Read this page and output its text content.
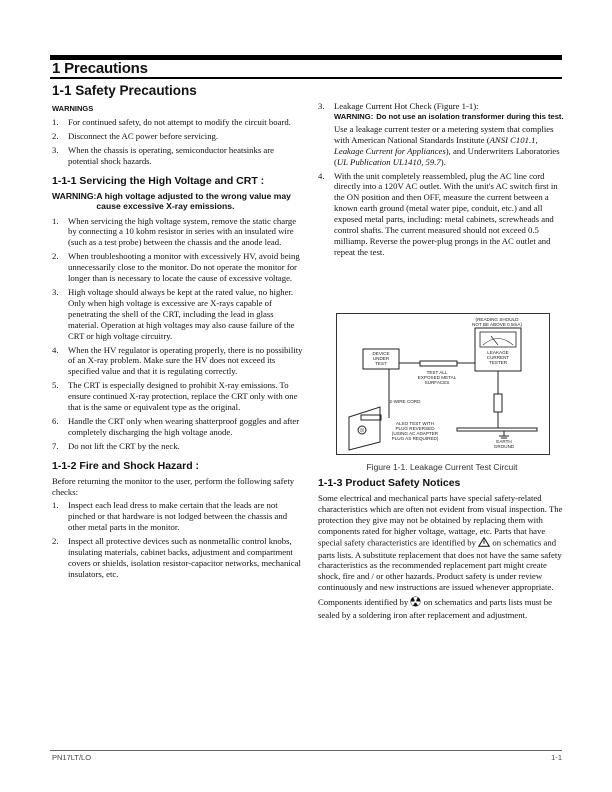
1 Precautions
1-1 Safety Precautions
WARNINGS
1.	For continued safety, do not attempt to modify the circuit board.
2.	Disconnect the AC power before servicing.
3.	When the chassis is operating, semiconductor heatsinks are potential shock hazards.
1-1-1 Servicing the High Voltage and CRT :
WARNING: A high voltage adjusted to the wrong value may cause excessive X-ray emissions.
1.	When servicing the high voltage system, remove the static charge by connecting a 10 kohm resistor in series with an insulated wire (such as a test probe) between the chassis and the anode lead.
2.	When troubleshooting a monitor with excessively HV, avoid being unnecessarily close to the monitor. Do not operate the monitor for longer than is necessary to locate the cause of excessive voltage.
3.	High voltage should always be kept at the rated value, no higher. Only when high voltage is excessive are X-rays capable of penetrating the shell of the CRT, including the lead in glass material. Operation at high voltages may also cause failure of the CRT or high voltage circuitry.
4.	When the HV regulator is operating properly, there is no possibility of an X-ray problem. Make sure the HV does not exceed its specified value and that it is regulating correctly.
5.	The CRT is especially designed to prohibit X-ray emissions. To ensure continued X-ray protection, replace the CRT only with one that is the same or equivalent type as the original.
6.	Handle the CRT only when wearing shatterproof goggles and after completely discharging the high voltage anode.
7.	Do not lift the CRT by the neck.
1-1-2 Fire and Shock Hazard :

Before returning the monitor to the user, perform the following safety checks:

1.	Inspect each lead dress to make certain that the leads are not pinched or that hardware is not lodged between the chassis and other metal parts in the monitor.
2.	Inspect all protective devices such as nonmetallic control knobs, insulating materials, cabinet backs, adjustment and compartment covers or shields, isolation resistor-capacitor networks, mechanical insulators, etc.
3.	Leakage Current Hot Check (Figure 1-1):
WARNING: Do not use an isolation transformer during this test.
Use a leakage current tester or a metering system that complies with American National Standards Institute (ANSI C101.1, Leakage Current for Appliances), and Underwriters Laboratories (UL Publication UL1410, 59.7).
4.	With the unit completely reassembled, plug the AC line cord directly into a 120V AC outlet. With the unit's AC switch first in the ON position and then OFF, measure the current between a known earth ground (metal water pipe, conduit, etc.) and all exposed metal parts, including: metal cabinets, screwheads and control shafts. The current measured should not exceed 0.5 milliamp. Reverse the power-plug prongs in the AC outlet and repeat the test.
(READING SHOULD
NOT BE ABOVE 0.5mA)
LEAKAGE
CURRENT
TESTER
DEVICE
UNDER
TEST
TEST ALL
EXPOSED METAL
SURFACES
EARTH
GROUND
2-WIRE CORD
ALSO TEST WITH
PLUG REVERSED
(USING AC ADAPTER
PLUG AS REQUIRED)
Figure 1-1. Leakage Current Test Circuit
1-1-3 Product Safety Notices

Some electrical and mechanical parts have special safety-related characteristics which are often not evident from visual inspection. The protection they give may not be obtained by replacing them with components rated for higher voltage, wattage, etc. Parts that have special safety characteristics are identified by on schematics and parts lists. A substitute replacement that does not have the same safety characteristics as the recommended replacement part might create shock, fire and / or other hazards. Product safety is under review continuously and new instructions are issued whenever appropriate.

Components identified by on schematics and parts lists must be sealed by a soldering iron after replacement and adjustment.

PN17LT/LO	1-1
